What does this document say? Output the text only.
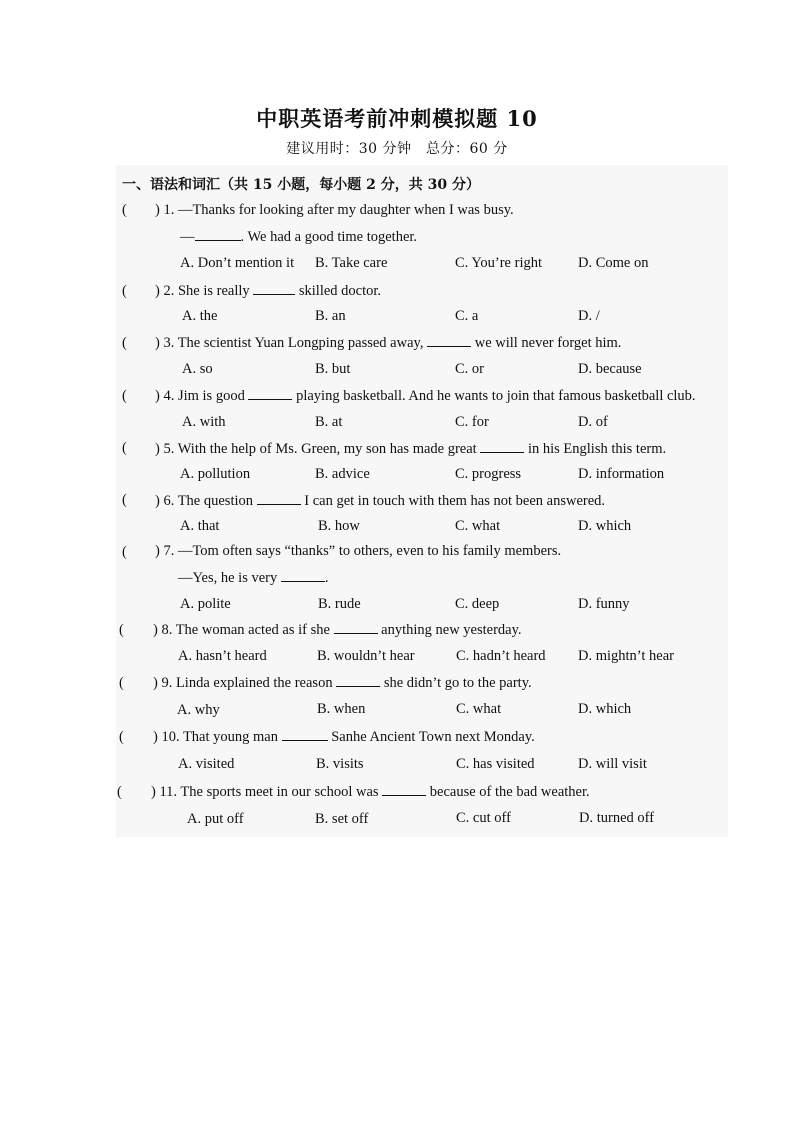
中职英语考前冲刺模拟题 10
建议用时：30 分钟　总分：60 分
一、语法和词汇（共 15 小题，每小题 2 分，共 30 分）
( ) 1. —Thanks for looking after my daughter when I was busy.
—	. We had a good time together.
A. Don’t mention it B. Take care	C. You’re right D. Come on
( ) 2. She is really	skilled doctor.
A. the	B. an	C. a	D. /
( ) 3. The scientist Yuan Longping passed away,	we will never forget him.
A. so	B. but	C. or	D. because
( ) 4. Jim is good	playing basketball. And he wants to join that famous basketball club.
A. with	B. at	C. for	D. of
( ) 5. With the help of Ms. Green, my son has made great	in his English this term.
A. pollution	B. advice	C. progress	D. information
( ) 6. The question	I can get in touch with them has not been answered.
A. that	B. how	C. what	D. which
( ) 7. —Tom often says “thanks” to others, even to his family members.
—Yes, he is very	.
A. polite	B. rude	C. deep	D. funny
( ) 8. The woman acted as if she	anything new yesterday.
A. hasn’t heard	B. wouldn’t hear	C. hadn’t heard D. mightn’t hear
( ) 9. Linda explained the reason	she didn’t go to the party.
A. why	B. when	C. what	D. which
( ) 10. That young man	Sanhe Ancient Town next Monday.
A. visited	B. visits	C. has visited	D. will visit
( ) 11. The sports meet in our school was	because of the bad weather.
A. put off	B. set off	C. cut off	D. turned off
